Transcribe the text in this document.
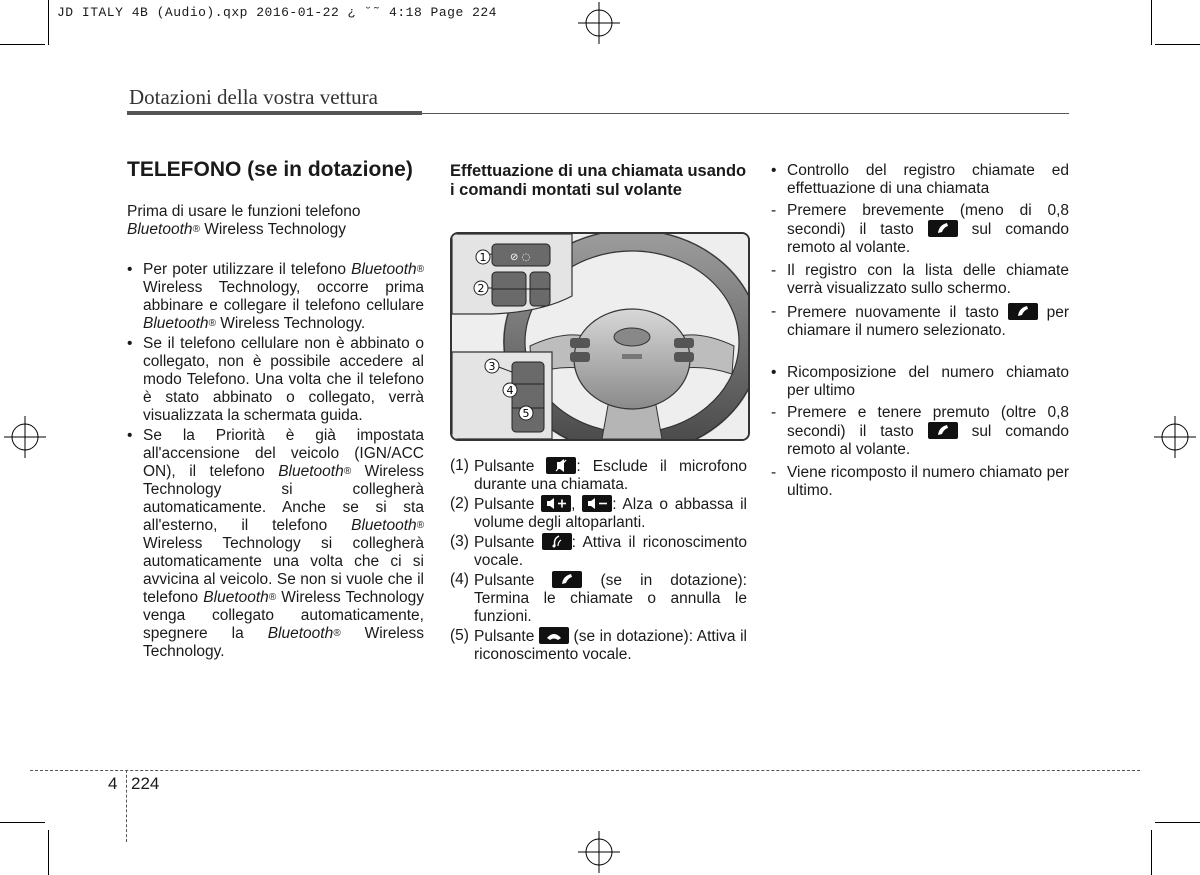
JD ITALY 4B (Audio).qxp 2016-01-22 ¿ ˘˜ 4:18 Page 224
Dotazioni della vostra vettura
TELEFONO (se in dotazione)

Prima di usare le funzioni telefono
Bluetooth® Wireless Technology

• Per poter utilizzare il telefono Bluetooth® Wireless Technology, occorre prima abbinare e collegare il telefono cellulare Bluetooth® Wireless Technology.
• Se il telefono cellulare non è abbinato o collegato, non è possibile accedere al modo Telefono. Una volta che il telefono è stato abbinato o collegato, verrà visualizzata la schermata guida.
• Se la Priorità è già impostata all'accensione del veicolo (IGN/ACC ON), il telefono Bluetooth® Wireless Technology si collegherà automaticamente. Anche se si sta all'esterno, il telefono Bluetooth® Wireless Technology si collegherà automaticamente una volta che ci si avvicina al veicolo. Se non si vuole che il telefono Bluetooth® Wireless Technology venga collegato automaticamente, spegnere la Bluetooth® Wireless Technology.
Effettuazione di una chiamata usando i comandi montati sul volante
⊘ ◌
1
2
3
4
5
(1) Pulsante	: Esclude il microfono durante una chiamata.
(2) Pulsante , : Alza o abbassa il volume degli altoparlanti.
(3) Pulsante : Attiva il riconoscimento vocale.
(4) Pulsante	(se in dotazione): Termina le chiamate o annulla le funzioni.
(5) Pulsante
(se in dotazione): Attiva il riconoscimento vocale.
• Controllo del registro chiamate ed effettuazione di una chiamata
- Premere brevemente (meno di 0,8 secondi) il tasto	sul comando remoto al volante.
- Il registro con la lista delle chiamate verrà visualizzato sullo schermo.
- Premere nuovamente il tasto	per chiamare il numero selezionato.
• Ricomposizione del numero chiamato per ultimo
- Premere e tenere premuto (oltre 0,8 secondi) il tasto	sul comando remoto al volante.
- Viene ricomposto il numero chiamato per ultimo.
4 224
